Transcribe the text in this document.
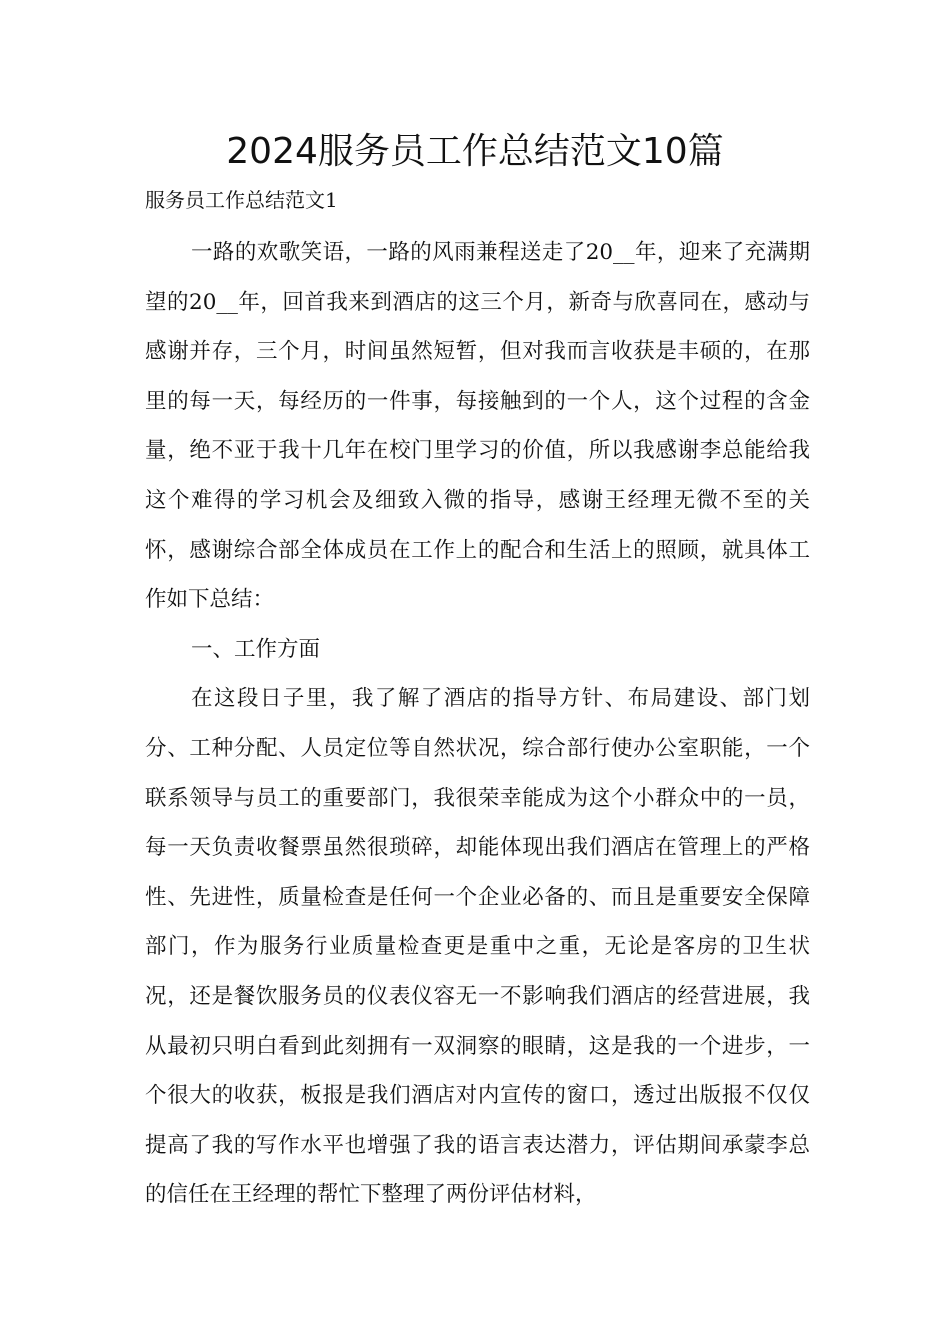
2024服务员工作总结范文10篇

服务员工作总结范文1

一路的欢歌笑语，一路的风雨兼程送走了20__年，迎来了充满期望的20__年，回首我来到酒店的这三个月，新奇与欣喜同在，感动与感谢并存，三个月，时间虽然短暂，但对我而言收获是丰硕的，在那里的每一天，每经历的一件事，每接触到的一个人，这个过程的含金量，绝不亚于我十几年在校门里学习的价值，所以我感谢李总能给我这个难得的学习机会及细致入微的指导，感谢王经理无微不至的关怀，感谢综合部全体成员在工作上的配合和生活上的照顾，就具体工作如下总结：

一、工作方面

在这段日子里，我了解了酒店的指导方针、布局建设、部门划分、工种分配、人员定位等自然状况，综合部行使办公室职能，一个联系领导与员工的重要部门，我很荣幸能成为这个小群众中的一员，每一天负责收餐票虽然很琐碎，却能体现出我们酒店在管理上的严格性、先进性，质量检查是任何一个企业必备的、而且是重要安全保障部门，作为服务行业质量检查更是重中之重，无论是客房的卫生状况，还是餐饮服务员的仪表仪容无一不影响我们酒店的经营进展，我从最初只明白看到此刻拥有一双洞察的眼睛，这是我的一个进步，一个很大的收获，板报是我们酒店对内宣传的窗口，透过出版报不仅仅提高了我的写作水平也增强了我的语言表达潜力，评估期间承蒙李总的信任在王经理的帮忙下整理了两份评估材料，
